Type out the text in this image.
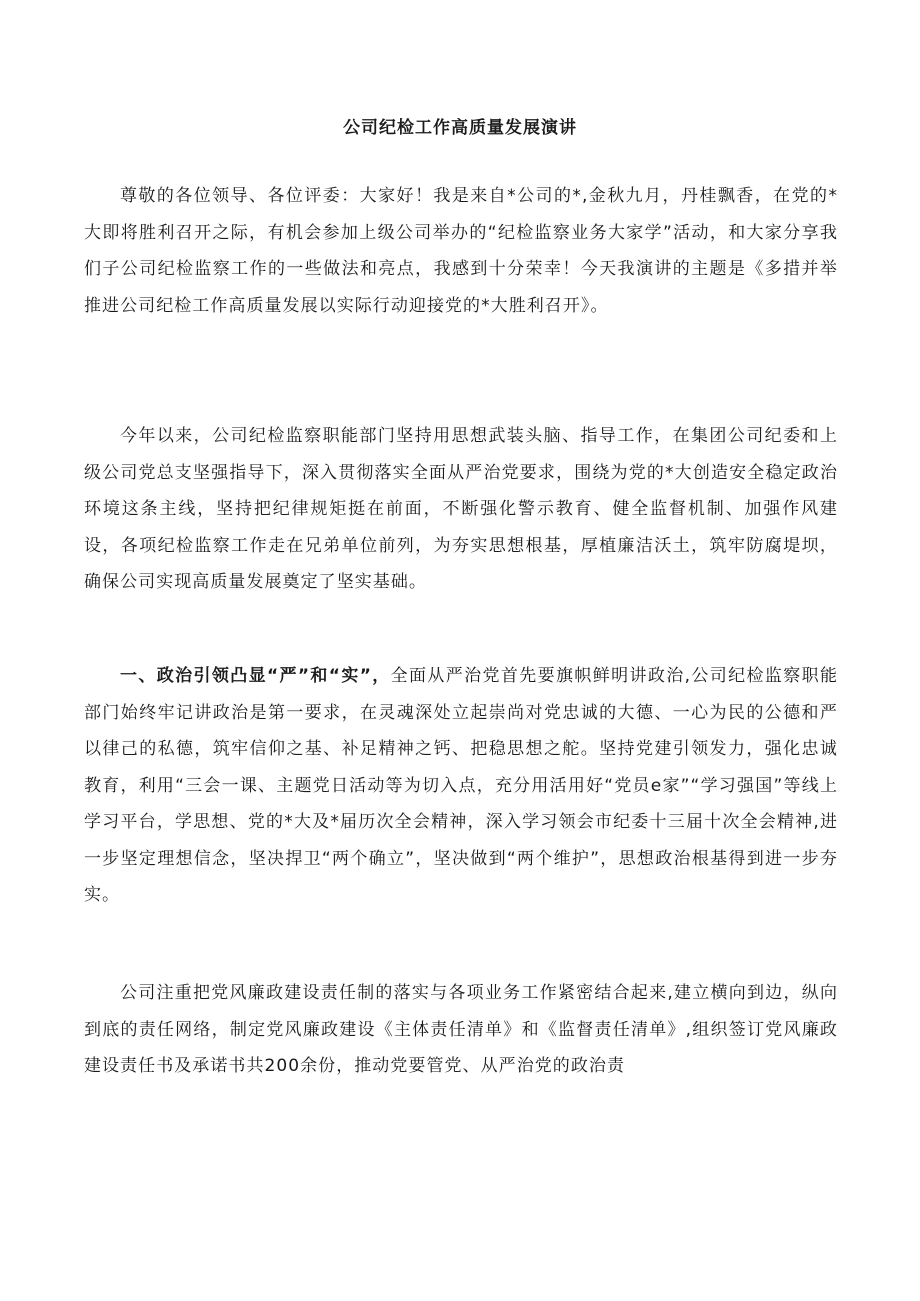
公司纪检工作高质量发展演讲

尊敬的各位领导、各位评委：大家好！我是来自*公司的*,金秋九月，丹桂飘香，在党的*大即将胜利召开之际，有机会参加上级公司举办的“纪检监察业务大家学”活动，和大家分享我们子公司纪检监察工作的一些做法和亮点，我感到十分荣幸！今天我演讲的主题是《多措并举推进公司纪检工作高质量发展以实际行动迎接党的*大胜利召开》。

今年以来，公司纪检监察职能部门坚持用思想武装头脑、指导工作，在集团公司纪委和上级公司党总支坚强指导下，深入贯彻落实全面从严治党要求，围绕为党的*大创造安全稳定政治环境这条主线，坚持把纪律规矩挺在前面，不断强化警示教育、健全监督机制、加强作风建设，各项纪检监察工作走在兄弟单位前列，为夯实思想根基，厚植廉洁沃土，筑牢防腐堤坝，确保公司实现高质量发展奠定了坚实基础。

一、政治引领凸显“严”和“实”，全面从严治党首先要旗帜鲜明讲政治,公司纪检监察职能部门始终牢记讲政治是第一要求，在灵魂深处立起崇尚对党忠诚的大德、一心为民的公德和严以律己的私德，筑牢信仰之基、补足精神之钙、把稳思想之舵。坚持党建引领发力，强化忠诚教育，利用“三会一课、主题党日活动等为切入点，充分用活用好“党员e家”“学习强国”等线上学习平台，学思想、党的*大及*届历次全会精神，深入学习领会市纪委十三届十次全会精神,进一步坚定理想信念，坚决捍卫“两个确立”，坚决做到“两个维护”，思想政治根基得到进一步夯实。

公司注重把党风廉政建设责任制的落实与各项业务工作紧密结合起来,建立横向到边，纵向到底的责任网络，制定党风廉政建设《主体责任清单》和《监督责任清单》,组织签订党风廉政建设责任书及承诺书共200余份，推动党要管党、从严治党的政治责
